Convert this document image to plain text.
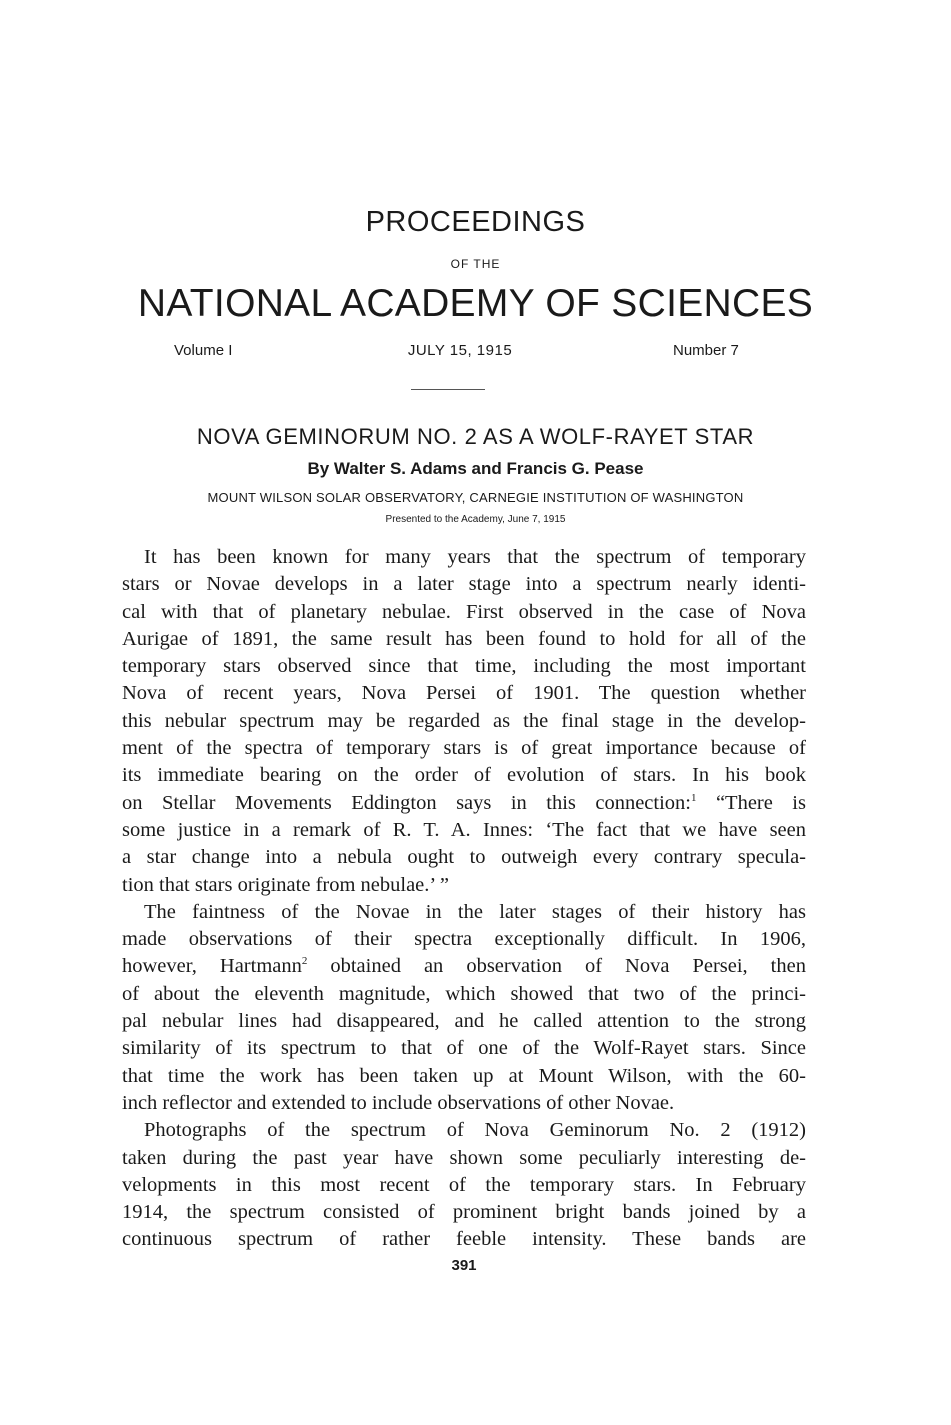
PROCEEDINGS
OF THE
NATIONAL ACADEMY OF SCIENCES
Volume I	JULY 15, 1915	Number 7
NOVA GEMINORUM NO. 2 AS A WOLF-RAYET STAR
By Walter S. Adams and Francis G. Pease
MOUNT WILSON SOLAR OBSERVATORY, CARNEGIE INSTITUTION OF WASHINGTON
Presented to the Academy, June 7, 1915
It has been known for many years that the spectrum of temporary
stars or Novae develops in a later stage into a spectrum nearly identi-
cal with that of planetary nebulae. First observed in the case of Nova
Aurigae of 1891, the same result has been found to hold for all of the
temporary stars observed since that time, including the most important
Nova of recent years, Nova Persei of 1901. The question whether
this nebular spectrum may be regarded as the final stage in the develop-
ment of the spectra of temporary stars is of great importance because of
its immediate bearing on the order of evolution of stars. In his book
on Stellar Movements Eddington says in this connection:$^1$ “There is
some justice in a remark of R. T. A. Innes: ‘The fact that we have seen
a star change into a nebula ought to outweigh every contrary specula-
tion that stars originate from nebulae.’ ”
The faintness of the Novae in the later stages of their history has
made observations of their spectra exceptionally difficult. In 1906,
however, Hartmann$^2$ obtained an observation of Nova Persei, then
of about the eleventh magnitude, which showed that two of the princi-
pal nebular lines had disappeared, and he called attention to the strong
similarity of its spectrum to that of one of the Wolf-Rayet stars. Since
that time the work has been taken up at Mount Wilson, with the 60-
inch reflector and extended to include observations of other Novae.
Photographs of the spectrum of Nova Geminorum No. 2 (1912)
taken during the past year have shown some peculiarly interesting de-
velopments in this most recent of the temporary stars. In February
1914, the spectrum consisted of prominent bright bands joined by a
continuous spectrum of rather feeble intensity. These bands are
391
